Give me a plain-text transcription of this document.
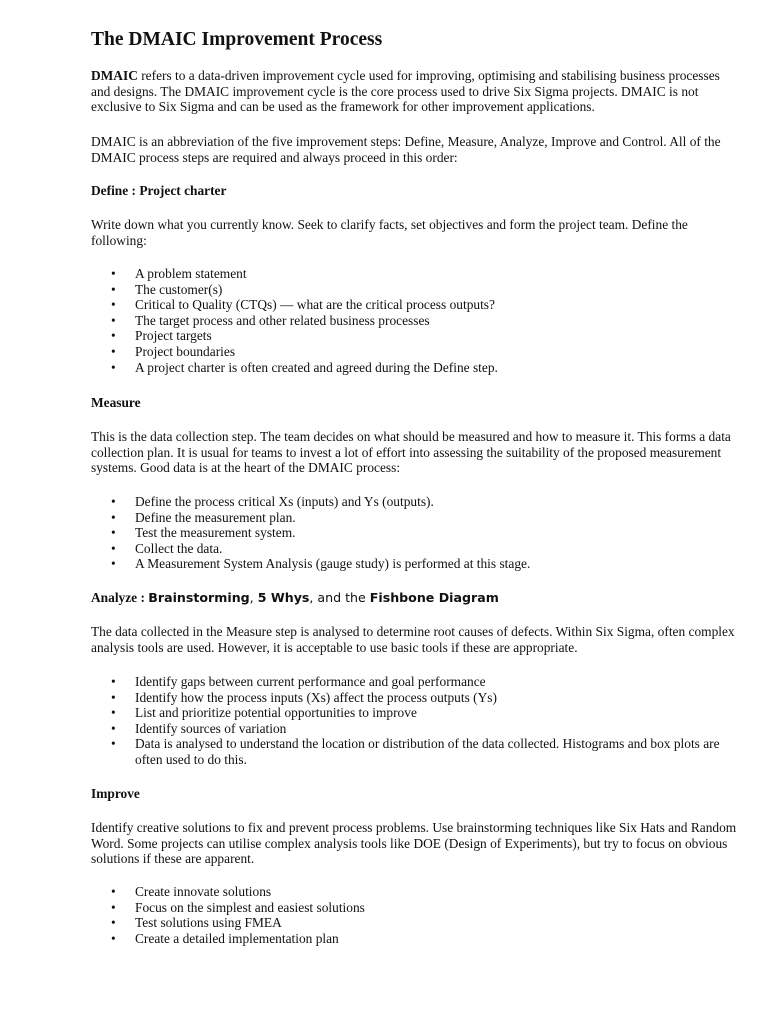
The DMAIC Improvement Process

DMAIC refers to a data-driven improvement cycle used for improving, optimising and stabilising business processes and designs. The DMAIC improvement cycle is the core process used to drive Six Sigma projects. DMAIC is not exclusive to Six Sigma and can be used as the framework for other improvement applications.

DMAIC is an abbreviation of the five improvement steps: Define, Measure, Analyze, Improve and Control. All of the DMAIC process steps are required and always proceed in this order:

Define : Project charter

Write down what you currently know. Seek to clarify facts, set objectives and form the project team. Define the following:

• A problem statement
• The customer(s)
• Critical to Quality (CTQs) — what are the critical process outputs?
• The target process and other related business processes
• Project targets
• Project boundaries
• A project charter is often created and agreed during the Define step.

Measure

This is the data collection step. The team decides on what should be measured and how to measure it. This forms a data collection plan. It is usual for teams to invest a lot of effort into assessing the suitability of the proposed measurement systems. Good data is at the heart of the DMAIC process:

• Define the process critical Xs (inputs) and Ys (outputs).
• Define the measurement plan.
• Test the measurement system.
• Collect the data.
• A Measurement System Analysis (gauge study) is performed at this stage.

Analyze : Brainstorming, 5 Whys, and the Fishbone Diagram

The data collected in the Measure step is analysed to determine root causes of defects. Within Six Sigma, often complex analysis tools are used. However, it is acceptable to use basic tools if these are appropriate.

• Identify gaps between current performance and goal performance
• Identify how the process inputs (Xs) affect the process outputs (Ys)
• List and prioritize potential opportunities to improve
• Identify sources of variation
• Data is analysed to understand the location or distribution of the data collected. Histograms and box plots are often used to do this.

Improve

Identify creative solutions to fix and prevent process problems. Use brainstorming techniques like Six Hats and Random Word. Some projects can utilise complex analysis tools like DOE (Design of Experiments), but try to focus on obvious solutions if these are apparent.

• Create innovate solutions
• Focus on the simplest and easiest solutions
• Test solutions using FMEA
• Create a detailed implementation plan
